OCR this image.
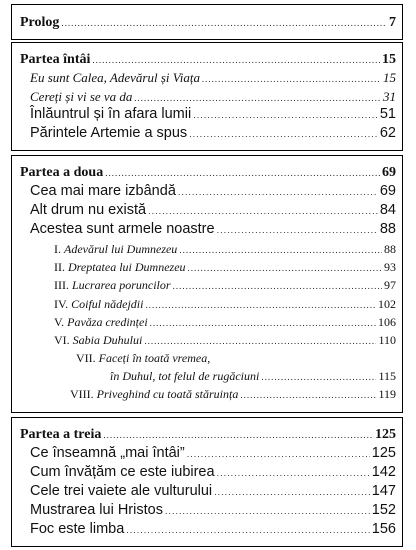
Prolog .....	7
Partea întâi .....	15
Eu sunt Calea, Adevărul și Viața .....	15
Cereți și vi se va da .....	31
Înlăuntrul și în afara lumii .....	51
Părintele Artemie a spus .....	62
Partea a doua .....	69
Cea mai mare izbândă .....	69
Alt drum nu există .....	84
Acestea sunt armele noastre .....	88
I. Adevărul lui Dumnezeu .....	88
II. Dreptatea lui Dumnezeu .....	93
III. Lucrarea poruncilor .....	97
IV. Coiful nădejdii .....	102
V. Pavăza credinței .....	106
VI. Sabia Duhului .....	110
VII. Faceți în toată vremea,
în Duhul, tot felul de rugăciuni .....	115
VIII. Priveghind cu toată stăruința .....	119
Partea a treia .....	125
Ce înseamnă „mai întâi” .....	125
Cum învățăm ce este iubirea .....	142
Cele trei vaiete ale vulturului .....	147
Mustrarea lui Hristos .....	152
Foc este limba .....	156
